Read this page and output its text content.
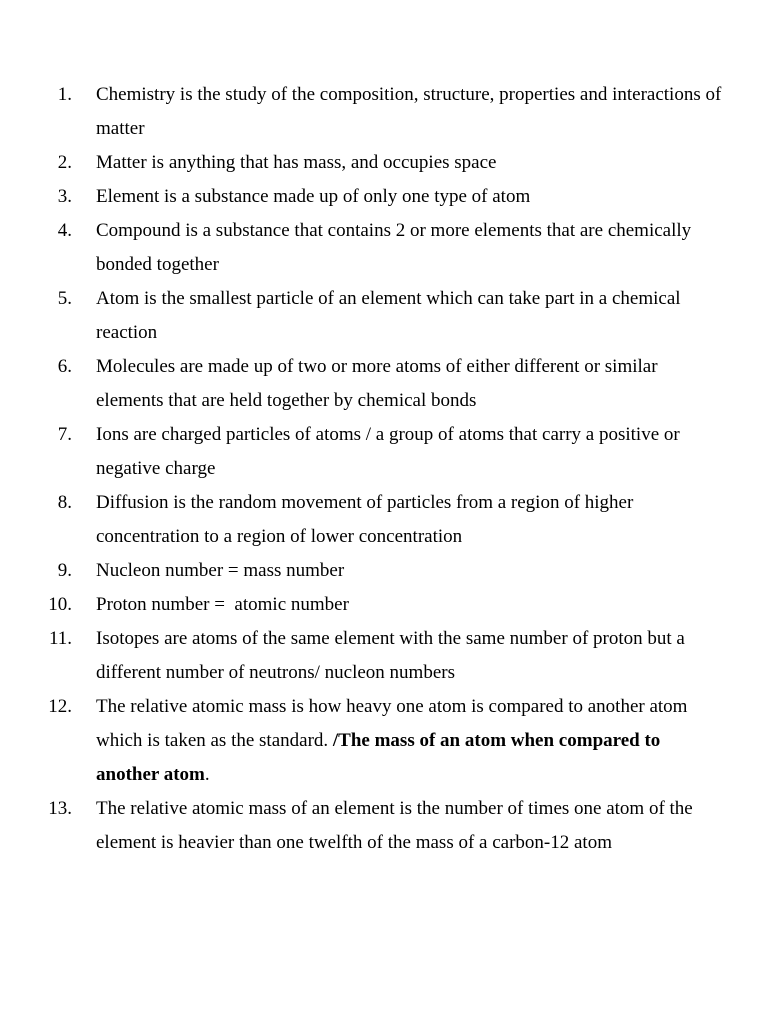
1. Chemistry is the study of the composition, structure, properties and interactions of matter
2. Matter is anything that has mass, and occupies space
3. Element is a substance made up of only one type of atom
4. Compound is a substance that contains 2 or more elements that are chemically bonded together
5. Atom is the smallest particle of an element which can take part in a chemical reaction
6. Molecules are made up of two or more atoms of either different or similar elements that are held together by chemical bonds
7. Ions are charged particles of atoms / a group of atoms that carry a positive or negative charge
8. Diffusion is the random movement of particles from a region of higher concentration to a region of lower concentration
9. Nucleon number = mass number
10. Proton number =  atomic number
11. Isotopes are atoms of the same element with the same number of proton but a different number of neutrons/ nucleon numbers
12. The relative atomic mass is how heavy one atom is compared to another atom which is taken as the standard. /The mass of an atom when compared to another atom.
13. The relative atomic mass of an element is the number of times one atom of the element is heavier than one twelfth of the mass of a carbon-12 atom
